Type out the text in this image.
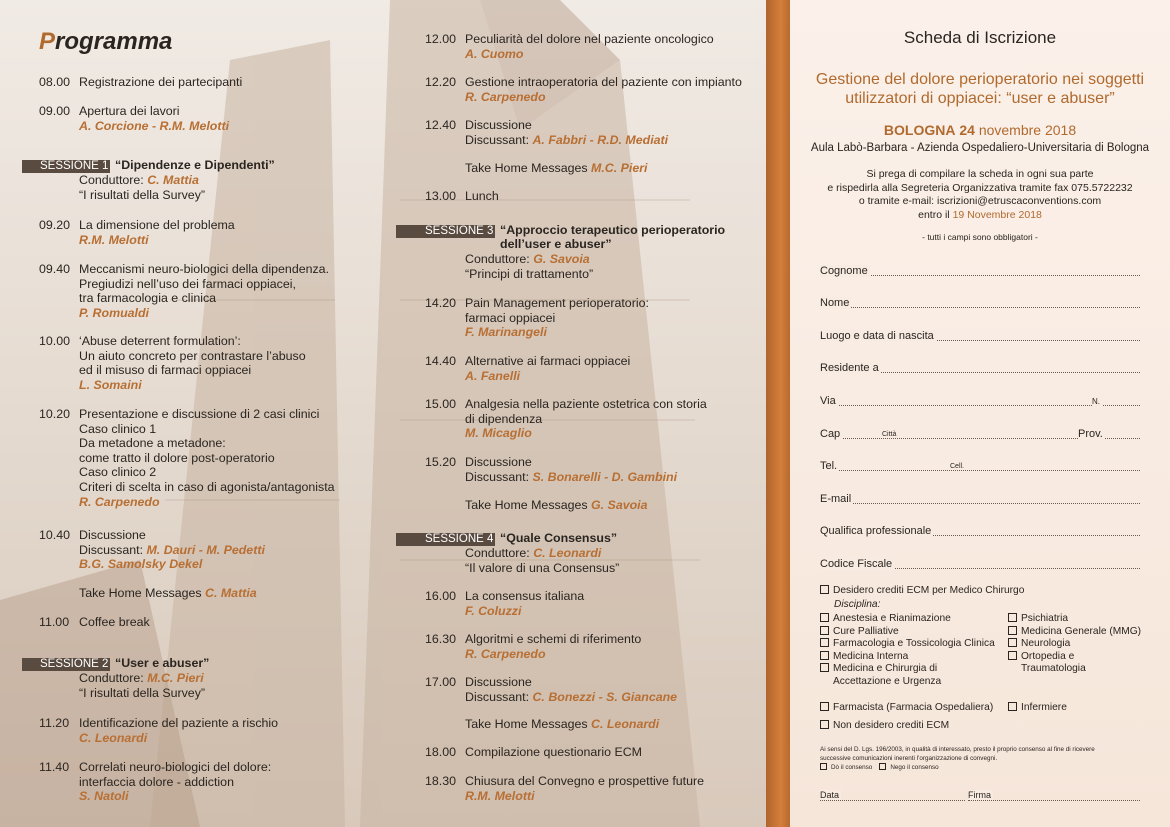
Programma
08.00 Registrazione dei partecipanti
09.00 Apertura dei lavori
A. Corcione - R.M. Melotti
09.20 La dimensione del problema
R.M. Melotti
09.40 Meccanismi neuro-biologici della dipendenza.
Pregiudizi nell’uso dei farmaci oppiacei,
tra farmacologia e clinica
P. Romualdi
10.00 ‘Abuse deterrent formulation’:
Un aiuto concreto per contrastare l’abuso
ed il misuso di farmaci oppiacei
L. Somaini
10.20 Presentazione e discussione di 2 casi clinici
Caso clinico 1
Da metadone a metadone:
come tratto il dolore post-operatorio
Caso clinico 2
Criteri di scelta in caso di agonista/antagonista
R. Carpenedo
10.40 Discussione
Discussant: M. Dauri - M. Pedetti
B.G. Samolsky Dekel
Take Home Messages C. Mattia
11.00 Coffee break
11.20 Identificazione del paziente a rischio
C. Leonardi
11.40 Correlati neuro-biologici del dolore:
interfaccia dolore - addiction
S. Natoli
SESSIONE 1 “Dipendenze e Dipendenti”
Conduttore: C. Mattia
“I risultati della Survey”
SESSIONE 2 “User e abuser”
Conduttore: M.C. Pieri
“I risultati della Survey”
12.00 Peculiarità del dolore nel paziente oncologico
A. Cuomo
12.20 Gestione intraoperatoria del paziente con impianto
R. Carpenedo
12.40 Discussione
Discussant: A. Fabbri - R.D. Mediati
Take Home Messages M.C. Pieri
13.00 Lunch
14.20 Pain Management perioperatorio:
farmaci oppiacei
F. Marinangeli
14.40 Alternative ai farmaci oppiacei
A. Fanelli
15.00 Analgesia nella paziente ostetrica con storia
di dipendenza
M. Micaglio
15.20 Discussione
Discussant: S. Bonarelli - D. Gambini
Take Home Messages G. Savoia
16.00 La consensus italiana
F. Coluzzi
16.30 Algoritmi e schemi di riferimento
R. Carpenedo
17.00 Discussione
Discussant: C. Bonezzi - S. Giancane
Take Home Messages C. Leonardi
18.00 Compilazione questionario ECM
18.30 Chiusura del Convegno e prospettive future
R.M. Melotti
SESSIONE 3 “Approccio terapeutico perioperatorio
dell’user e abuser”
Conduttore: G. Savoia
“Principi di trattamento”
SESSIONE 4 “Quale Consensus”
Conduttore: C. Leonardi
“Il valore di una Consensus”
Scheda di Iscrizione
Gestione del dolore perioperatorio nei soggetti
utilizzatori di oppiacei: “user e abuser”
BOLOGNA 24 novembre 2018
Aula Labò-Barbara - Azienda Ospedaliero-Universitaria di Bologna
Si prega di compilare la scheda in ogni sua parte
e rispedirla alla Segreteria Organizzativa tramite fax 075.5722232
o tramite e-mail: iscrizioni@etruscaconventions.com
entro il 19 Novembre 2018
- tutti i campi sono obbligatori -
Cognome
Nome
Luogo e data di nascita
Residente a
Via	N.
Cap	Città	Prov.
Tel.	Cell.
E-mail
Qualifica professionale
Codice Fiscale
Desidero crediti ECM per Medico Chirurgo
Disciplina:
Anestesia e Rianimazione
Cure Palliative
Farmacologia e Tossicologia Clinica
Medicina Interna
Medicina e Chirurgia di
Accettazione e Urgenza
Psichiatria
Medicina Generale (MMG)
Neurologia
Ortopedia e
Traumatologia
Farmacista (Farmacia Ospedaliera)	Infermiere
Non desidero crediti ECM
Ai sensi del D. Lgs. 196/2003, in qualità di interessato, presto il proprio consenso al fine di ricevere
successive comunicazioni inerenti l’organizzazione di convegni.
Dò il consenso	Nego il consenso
Data	Firma
